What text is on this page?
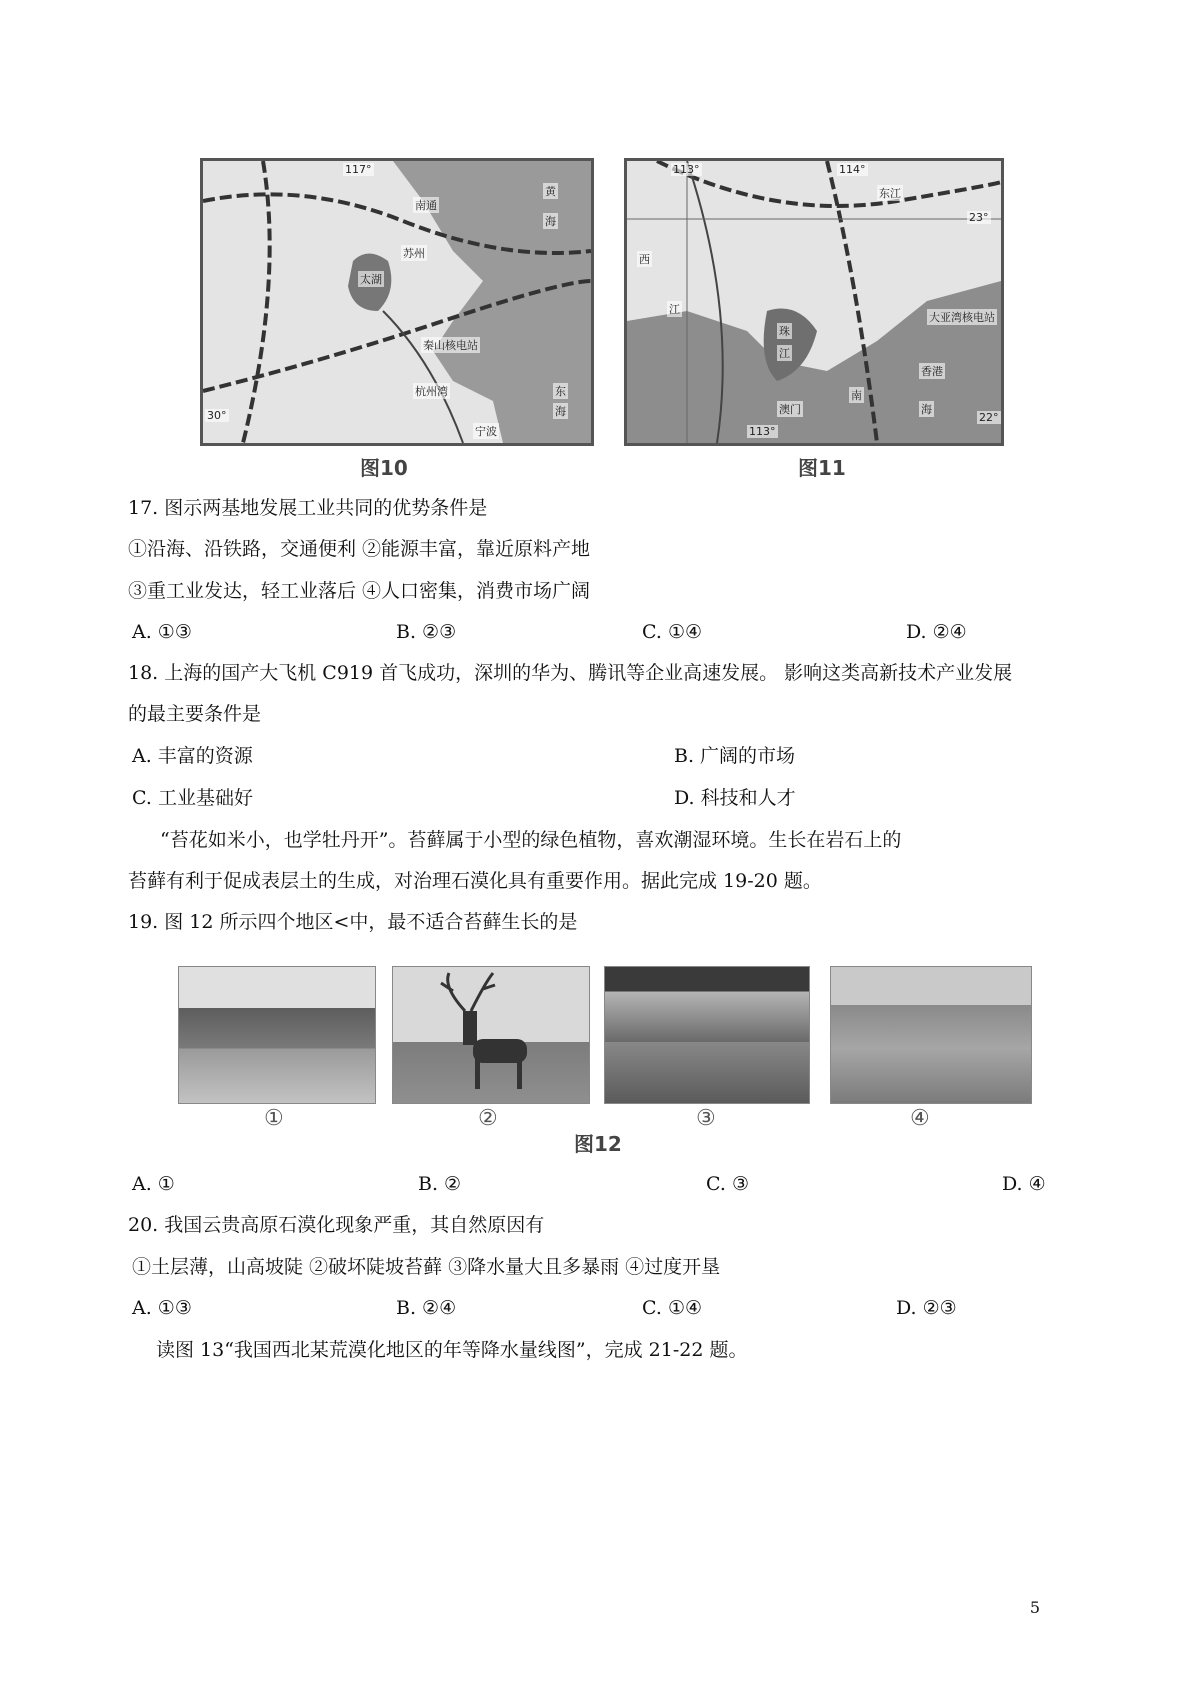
117°
黄
海
南通
苏州
太湖
秦山核电站
杭州湾	东
海
30°
宁波
图10
113°	114°
东江
23°
西
江
珠
江
大亚湾核电站
香港
南
海
澳门
22°
113°
图11
17. 图示两基地发展工业共同的优势条件是
①沿海、沿铁路，交通便利 ②能源丰富，靠近原料产地
③重工业发达，轻工业落后 ④人口密集，消费市场广阔
A. ①③	B. ②③	C. ①④	D. ②④
18. 上海的国产大飞机 C919 首飞成功，深圳的华为、腾讯等企业高速发展。 影响这类高新技术产业发展
的最主要条件是
A. 丰富的资源	B. 广阔的市场
C. 工业基础好	D. 科技和人才
“苔花如米小，也学牡丹开”。苔藓属于小型的绿色植物，喜欢潮湿环境。生长在岩石上的
苔藓有利于促成表层土的生成，对治理石漠化具有重要作用。据此完成 19-20 题。
19. 图 12 所示四个地区<中，最不适合苔藓生长的是
①	②	③	④
图12
A. ①	B. ②	C. ③	D. ④
20. 我国云贵高原石漠化现象严重，其自然原因有
①土层薄，山高坡陡 ②破坏陡坡苔藓 ③降水量大且多暴雨 ④过度开垦
A. ①③	B. ②④	C. ①④	D. ②③
读图 13“我国西北某荒漠化地区的年等降水量线图”，完成 21-22 题。
5
